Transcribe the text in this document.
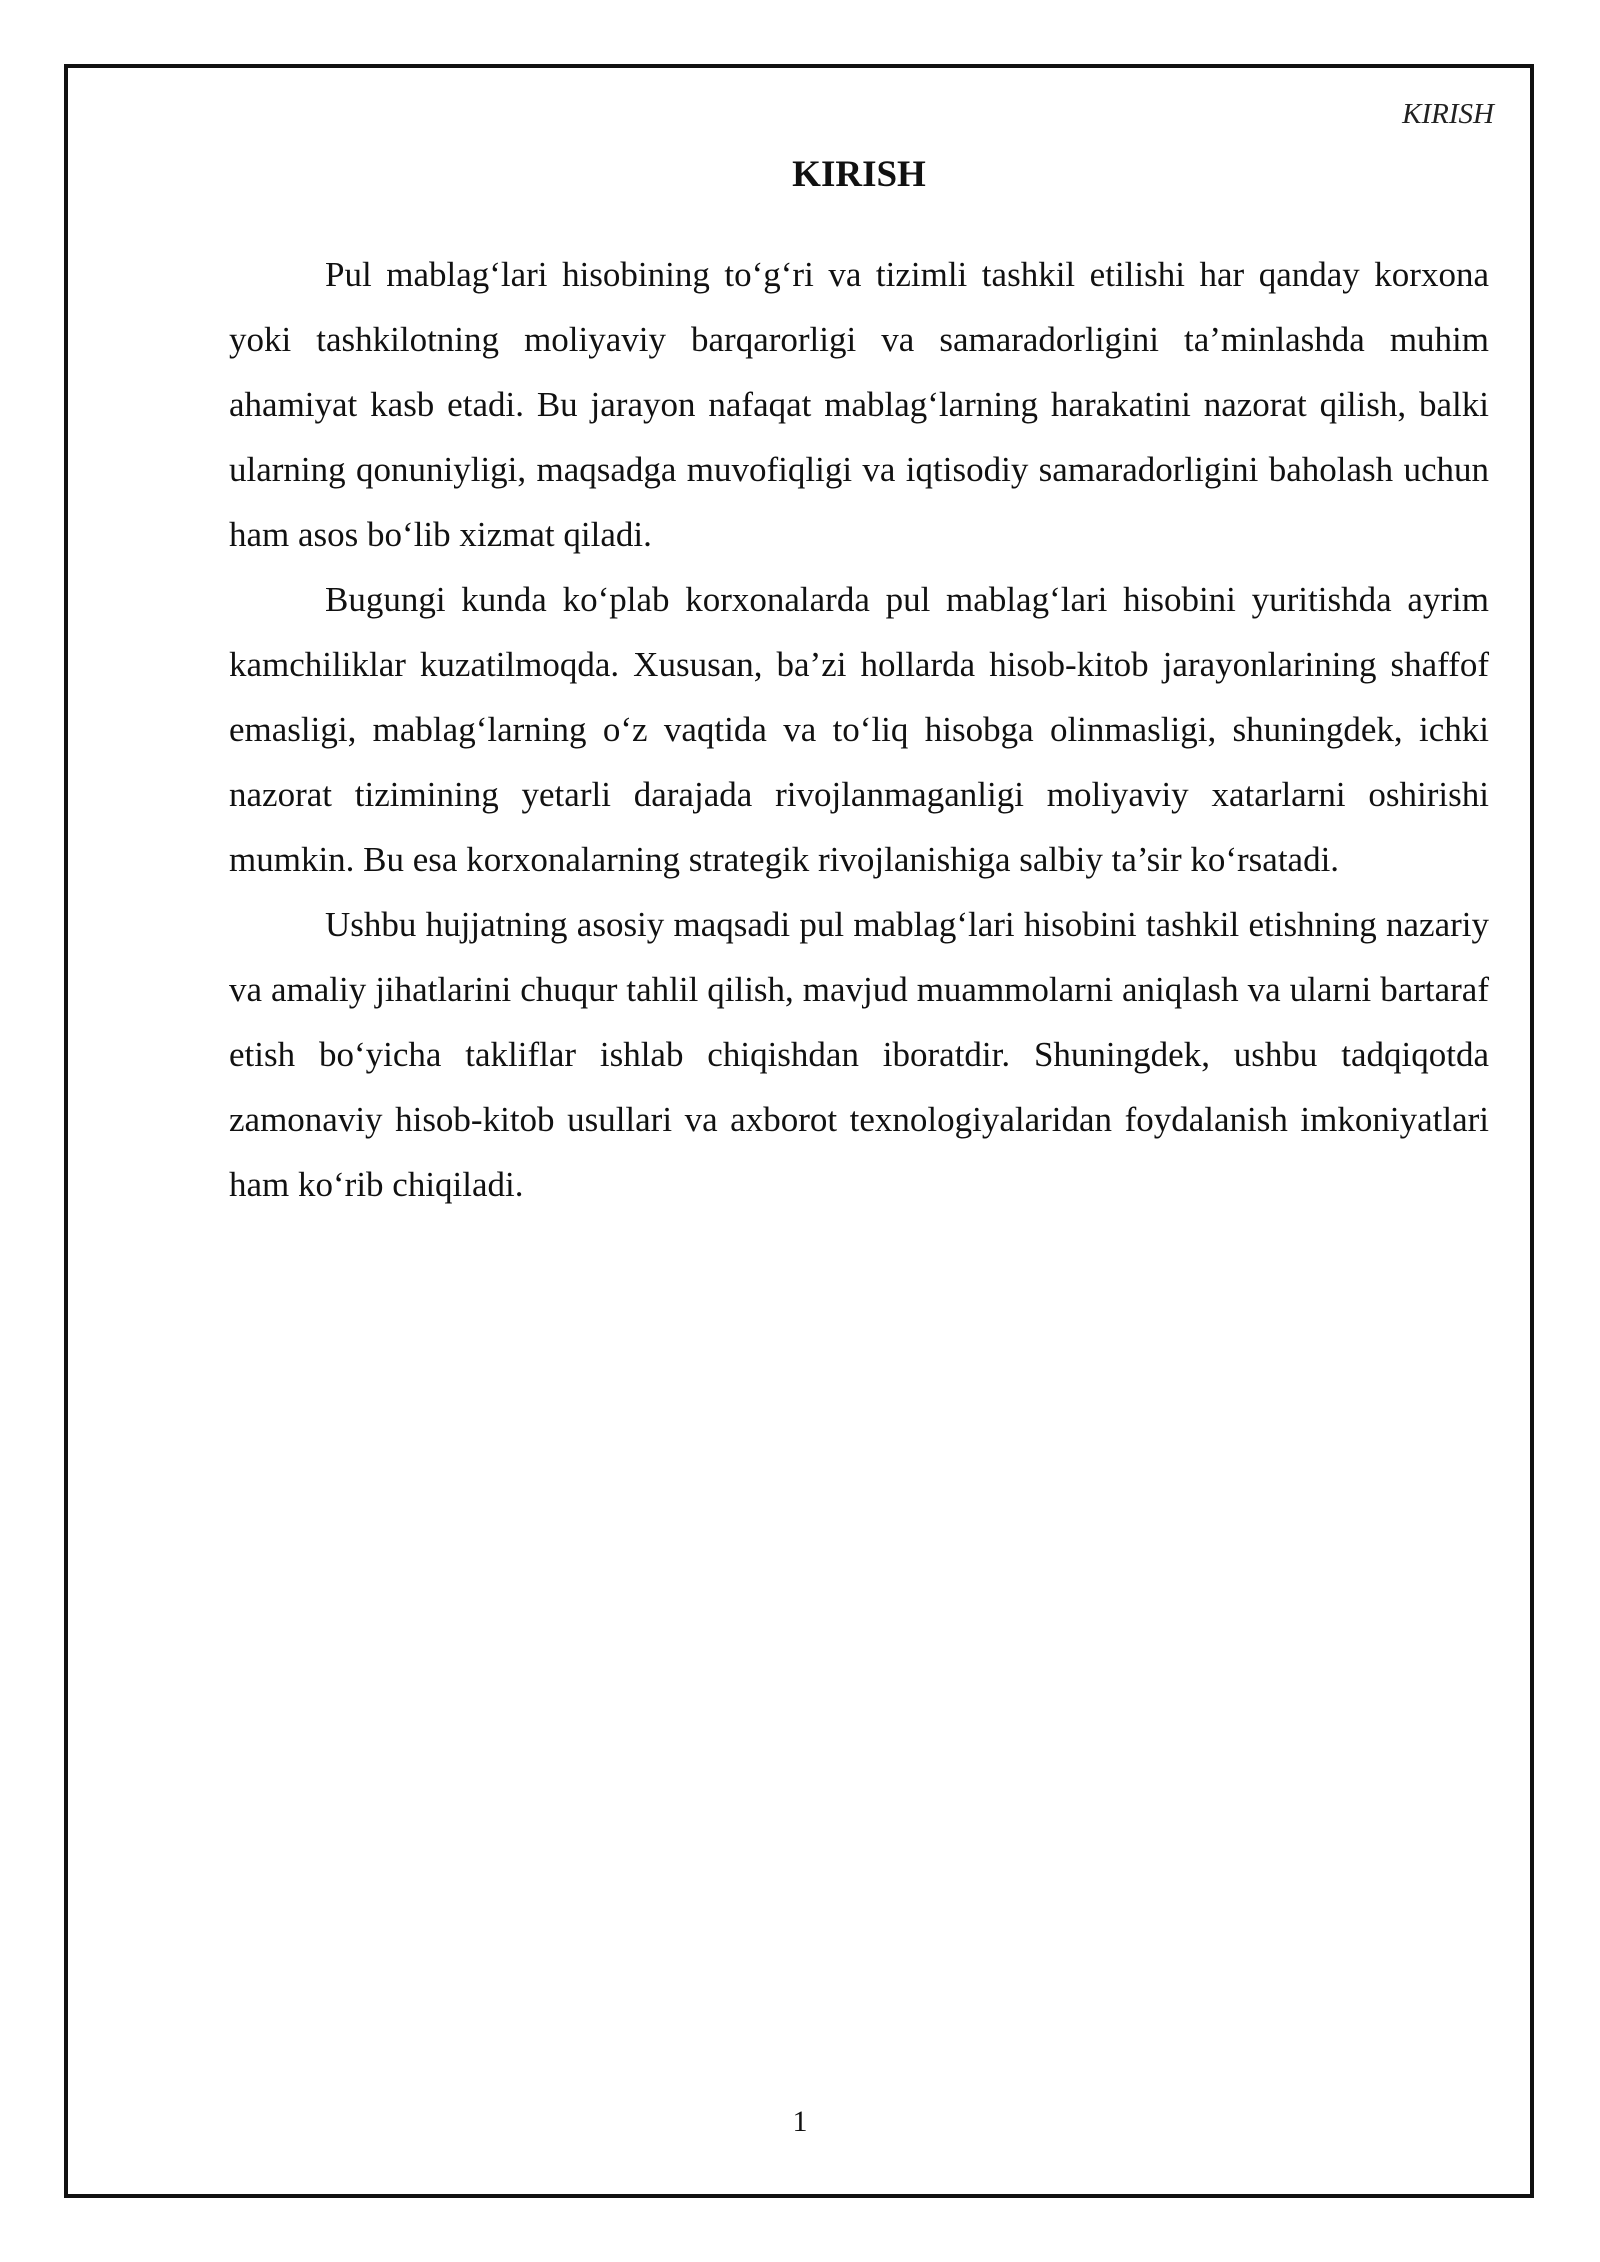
KIRISH
KIRISH

Pul mablag‘lari hisobining to‘g‘ri va tizimli tashkil etilishi har qanday korxona yoki tashkilotning moliyaviy barqarorligi va samaradorligini ta’minlashda muhim ahamiyat kasb etadi. Bu jarayon nafaqat mablag‘larning harakatini nazorat qilish, balki ularning qonuniyligi, maqsadga muvofiqligi va iqtisodiy samaradorligini baholash uchun ham asos bo‘lib xizmat qiladi.

Bugungi kunda ko‘plab korxonalarda pul mablag‘lari hisobini yuritishda ayrim kamchiliklar kuzatilmoqda. Xususan, ba’zi hollarda hisob-kitob jarayonlarining shaffof emasligi, mablag‘larning o‘z vaqtida va to‘liq hisobga olinmasligi, shuningdek, ichki nazorat tizimining yetarli darajada rivojlanmaganligi moliyaviy xatarlarni oshirishi mumkin. Bu esa korxonalarning strategik rivojlanishiga salbiy ta’sir ko‘rsatadi.

Ushbu hujjatning asosiy maqsadi pul mablag‘lari hisobini tashkil etishning nazariy va amaliy jihatlarini chuqur tahlil qilish, mavjud muammolarni aniqlash va ularni bartaraf etish bo‘yicha takliflar ishlab chiqishdan iboratdir. Shuningdek, ushbu tadqiqotda zamonaviy hisob-kitob usullari va axborot texnologiyalaridan foydalanish imkoniyatlari ham ko‘rib chiqiladi.

1
